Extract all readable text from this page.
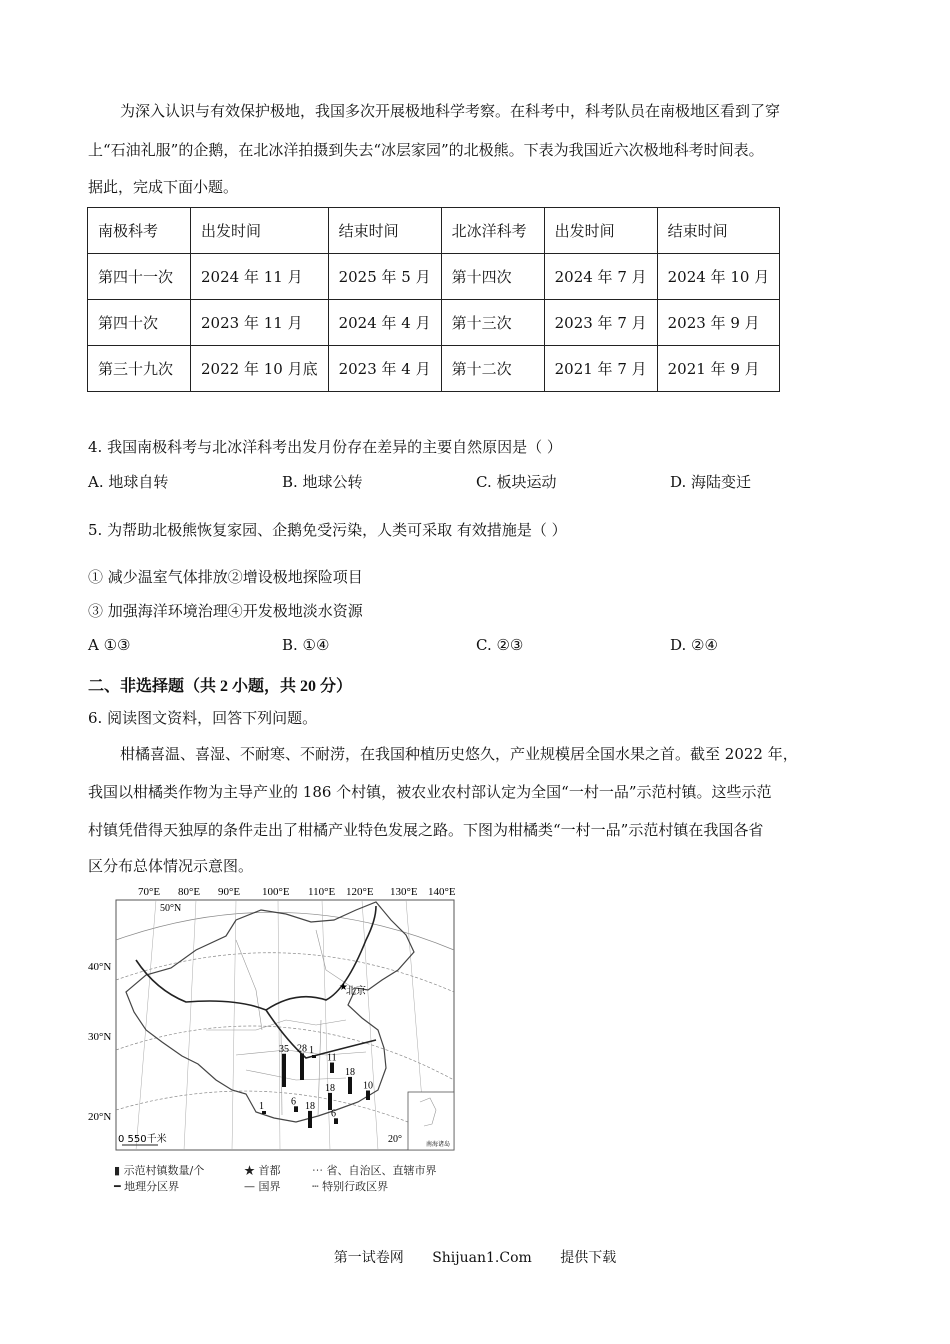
为深入认识与有效保护极地，我国多次开展极地科学考察。在科考中，科考队员在南极地区看到了穿
上“石油礼服”的企鹅，在北冰洋拍摄到失去“冰层家园”的北极熊。下表为我国近六次极地科考时间表。
据此，完成下面小题。
南极科考	出发时间	结束时间	北冰洋科考	出发时间	结束时间
第四十一次	2024 年 11 月	2025 年 5 月	第十四次	2024 年 7 月	2024 年 10 月
第四十次	2023 年 11 月	2024 年 4 月	第十三次	2023 年 7 月	2023 年 9 月
第三十九次	2022 年 10 月底	2023 年 4 月	第十二次	2021 年 7 月	2021 年 9 月
4. 我国南极科考与北冰洋科考出发月份存在差异的主要自然原因是（ ）
A. 地球自转	B. 地球公转	C. 板块运动	D. 海陆变迁
5. 为帮助北极熊恢复家园、企鹅免受污染，人类可采取 有效措施是（ ）
① 减少温室气体排放②增设极地探险项目
③ 加强海洋环境治理④开发极地淡水资源
A ①③	B. ①④	C. ②③	D. ②④
二、非选择题（共 2 小题，共 20 分）
6. 阅读图文资料，回答下列问题。
柑橘喜温、喜湿、不耐寒、不耐涝，在我国种植历史悠久，产业规模居全国水果之首。截至 2022 年，
我国以柑橘类作物为主导产业的 186 个村镇，被农业农村部认定为全国“一村一品”示范村镇。这些示范
村镇凭借得天独厚的条件走出了柑橘产业特色发展之路。下图为柑橘类“一村一品”示范村镇在我国各省
区分布总体情况示意图。
70°E 80°E 90°E 100°E 110°E 120°E 130°E 140°E
50°N
40°N
30°N
20°N
20°
★
北京
35 28
11
1
18
10
6
18
18
6
1
南海诸岛
0 550千米
▮ 示范村镇数量/个	★ 首都	⋯ 省、自治区、直辖市界
━ 地理分区界	— 国界	┄ 特别行政区界
第一试卷网 Shijuan1.Com 提供下载
